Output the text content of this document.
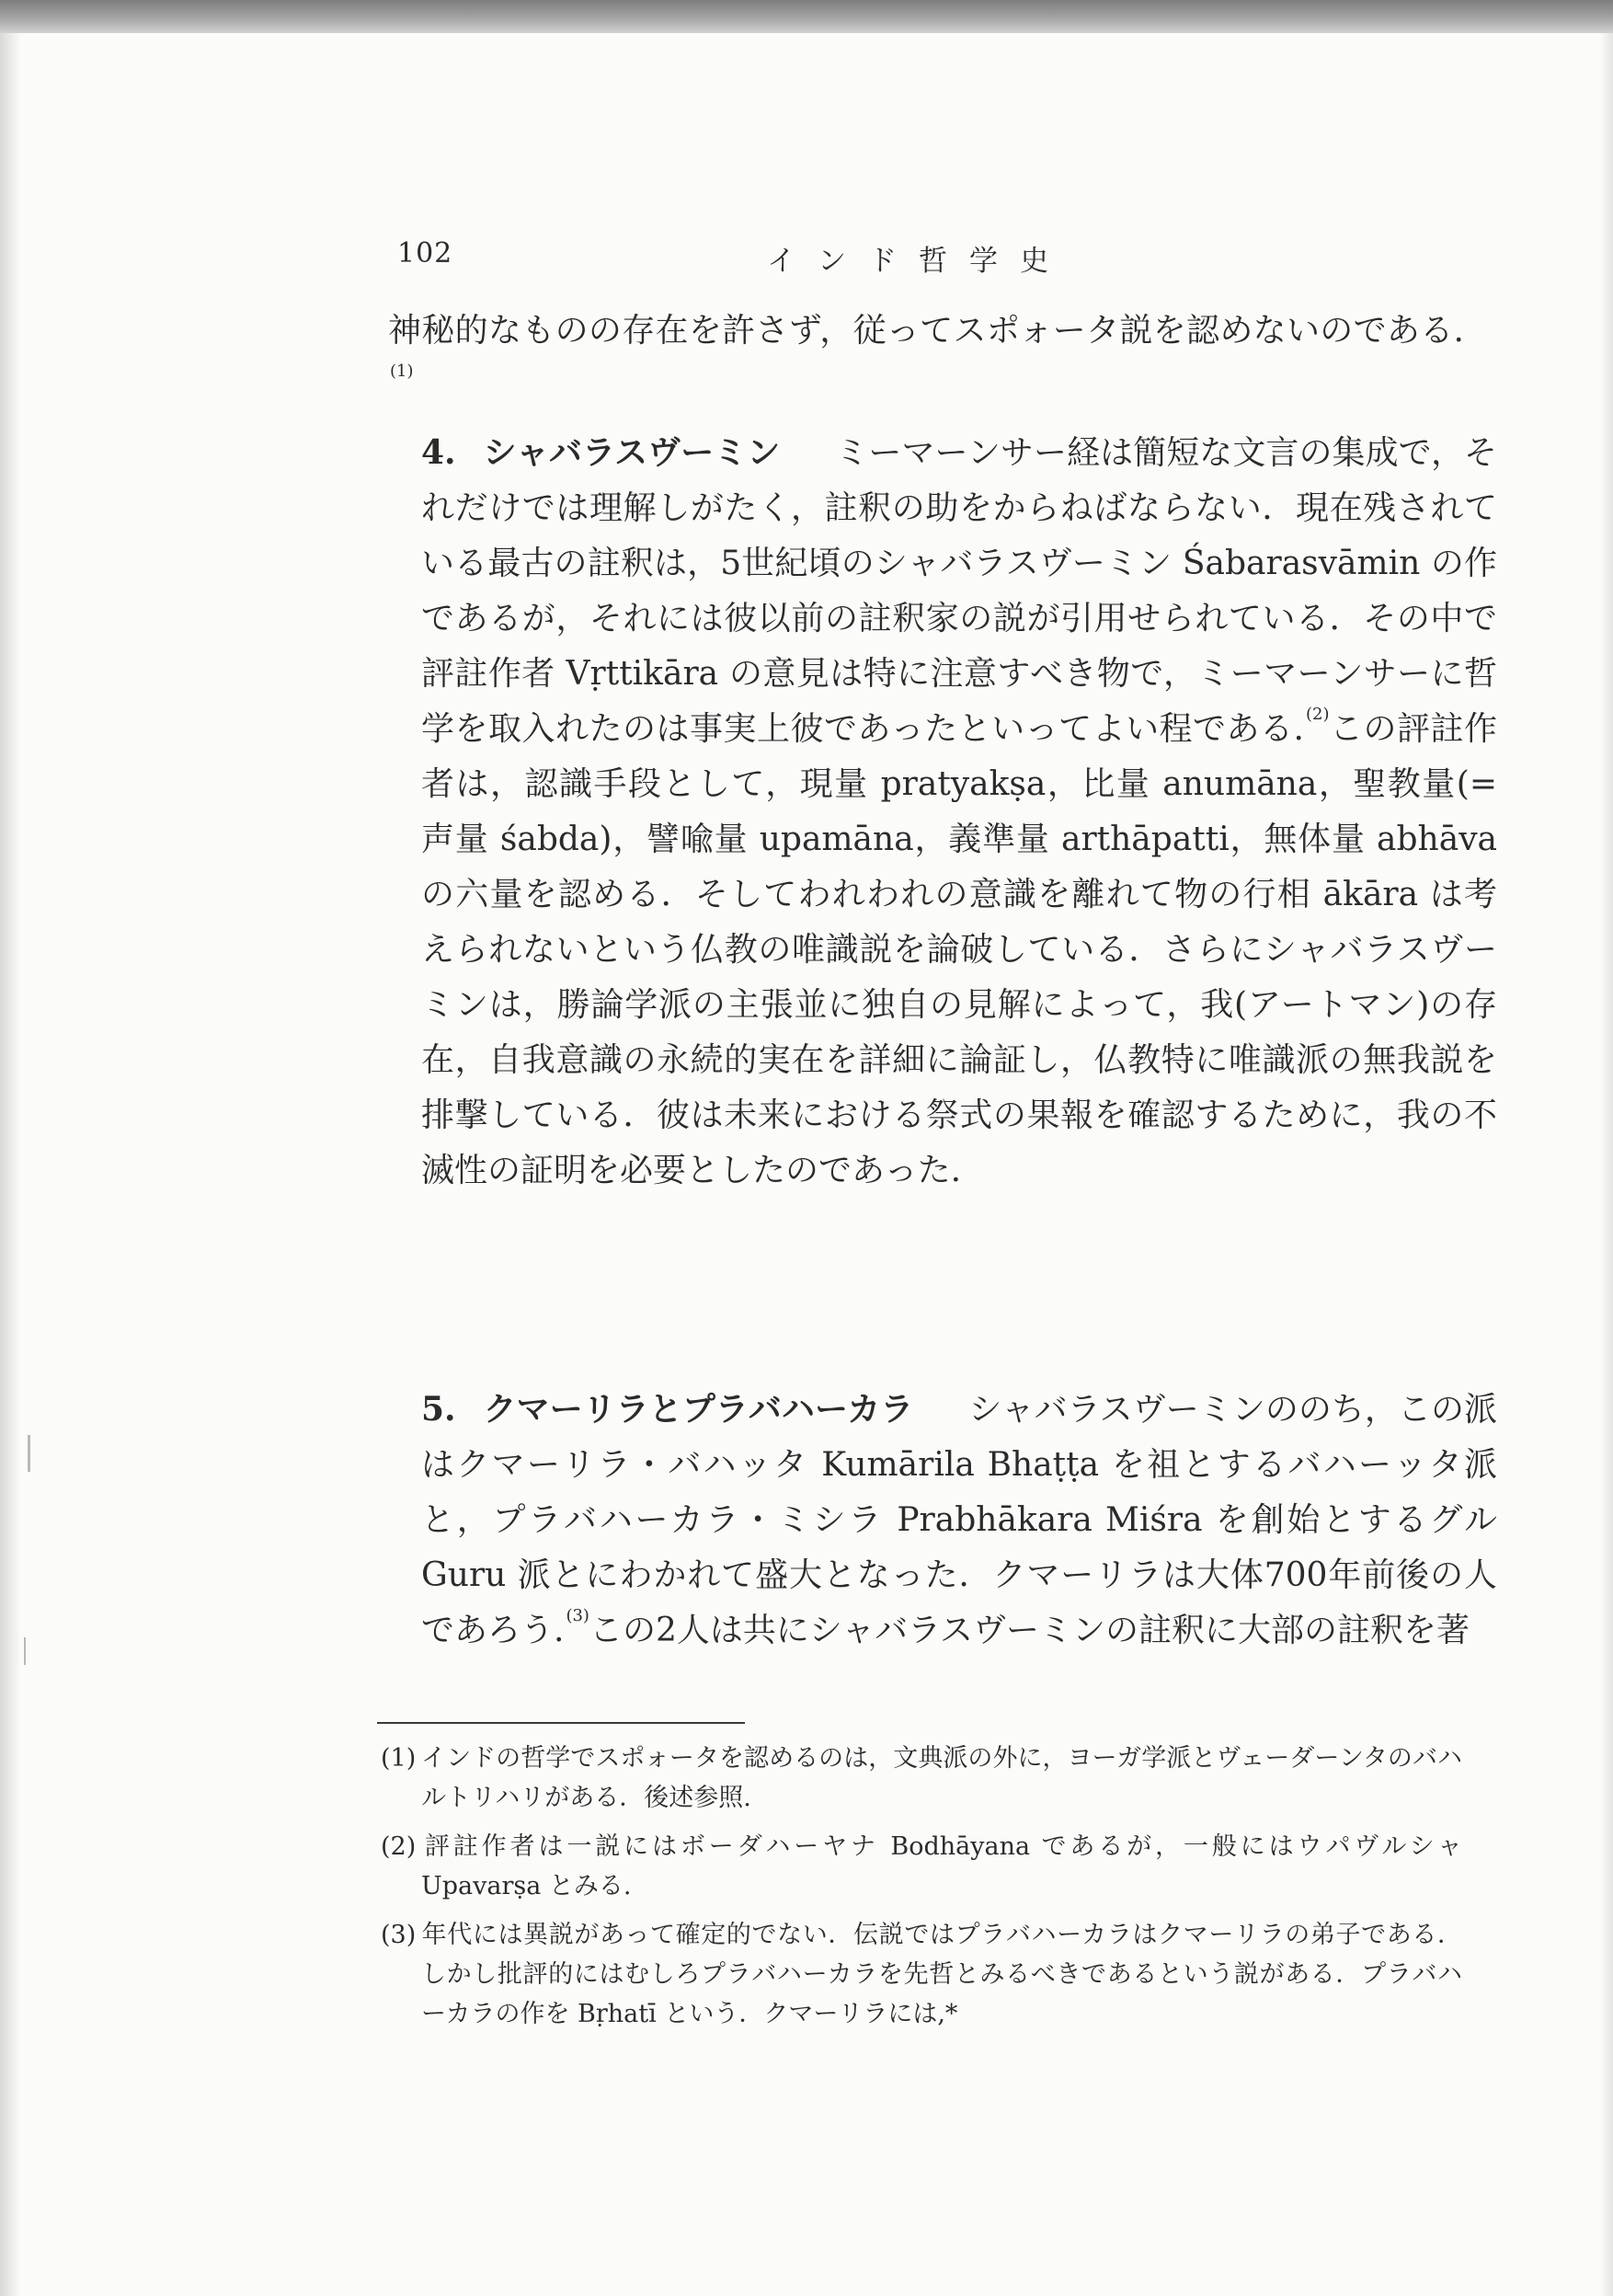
102	インド哲学史
神秘的なものの存在を許さず，従ってスポォータ説を認めないのである.$^{(1)}$
4. シャバラスヴーミン ミーマーンサー経は簡短な文言の集成で，それだけでは理解しがたく，註釈の助をからねばならない．現在残されている最古の註釈は，5世紀頃のシャバラスヴーミン Śabarasvāmin の作であるが，それには彼以前の註釈家の説が引用せられている．その中で評註作者 Vṛttikāra の意見は特に注意すべき物で，ミーマーンサーに哲学を取入れたのは事実上彼であったといってよい程である. $^{(2)}$この評註作者は，認識手段として，現量 pratyakṣa，比量 anumāna，聖教量(=声量 śabda)，譬喩量 upamāna，義準量 arthāpatti，無体量 abhāva の六量を認める．そしてわれわれの意識を離れて物の行相 ākāra は考えられないという仏教の唯識説を論破している．さらにシャバラスヴーミンは，勝論学派の主張並に独自の見解によって，我(アートマン)の存在，自我意識の永続的実在を詳細に論証し，仏教特に唯識派の無我説を排撃している．彼は未来における祭式の果報を確認するために，我の不滅性の証明を必要としたのであった.
5. クマーリラとプラバハーカラ シャバラスヴーミンののち，この派はクマーリラ・バハッタ Kumārila Bhaṭṭa を祖とするバハーッタ派と，プラバハーカラ・ミシラ Prabhākara Miśra を創始とするグル Guru 派とにわかれて盛大となった．クマーリラは大体700年前後の人であろう. $^{(3)}$この2人は共にシャバラスヴーミンの註釈に大部の註釈を著
(1) インドの哲学でスポォータを認めるのは，文典派の外に，ヨーガ学派とヴェーダーンタのバハルトリハリがある．後述参照.
(2) 評註作者は一説にはボーダハーヤナ Bodhāyana であるが，一般にはウパヴルシャ Upavarṣa とみる.
(3) 年代には異説があって確定的でない．伝説ではプラバハーカラはクマーリラの弟子である．しかし批評的にはむしろプラバハーカラを先哲とみるべきであるという説がある．プラバハーカラの作を Bṛhatī という．クマーリラには,*
